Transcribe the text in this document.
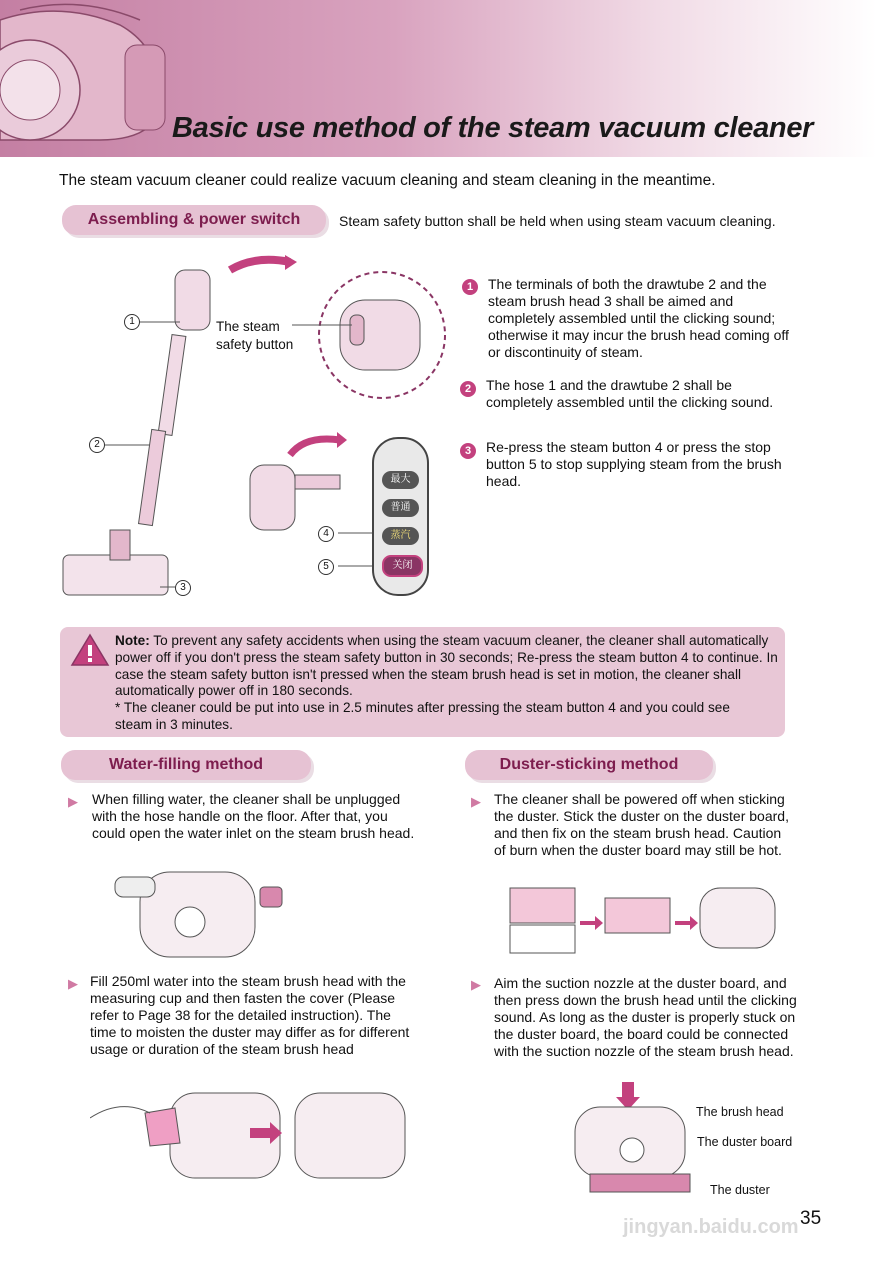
Basic use method of the steam vacuum cleaner
The steam vacuum cleaner could realize vacuum cleaning and steam cleaning in the meantime.
Assembling & power switch	Steam safety button shall be held when using steam vacuum cleaning.
1
2
3
4
5
The steam safety button
最大
普通
蒸汽
关闭
1	The terminals of both the drawtube 2 and the steam brush head 3 shall be aimed and completely assembled until the clicking sound; otherwise it may incur the brush head coming off or discontinuity of steam.
2	The hose 1 and the drawtube 2 shall be completely assembled until the clicking sound.
3	Re-press the steam button 4 or press the stop button 5 to stop supplying steam from the brush head.
Note: To prevent any safety accidents when using the steam vacuum cleaner, the cleaner shall automatically power off if you don't press the steam safety button in 30 seconds; Re-press the steam button 4 to continue. In case the steam safety button isn't pressed when the steam brush head is set in motion, the cleaner shall automatically power off in 180 seconds.
* The cleaner could be put into use in 2.5 minutes after pressing the steam button 4 and you could see steam in 3 minutes.
Water-filling method
▶ When filling water, the cleaner shall be unplugged with the hose handle on the floor. After that, you could open the water inlet on the steam brush head.
▶ Fill 250ml water into the steam brush head with the measuring cup and then fasten the cover (Please refer to Page 38 for the detailed instruction). The time to moisten the duster may differ as for different usage or duration of the steam brush head
Duster-sticking method
▶ The cleaner shall be powered off when sticking the duster. Stick the duster on the duster board, and then fix on the steam brush head. Caution of burn when the duster board may still be hot.
▶ Aim the suction nozzle at the duster board, and then press down the brush head until the clicking sound. As long as the duster is properly stuck on the duster board, the board could be connected with the suction nozzle of the steam brush head.
The brush head
The duster board
The duster
jingyan.baidu.com 35
